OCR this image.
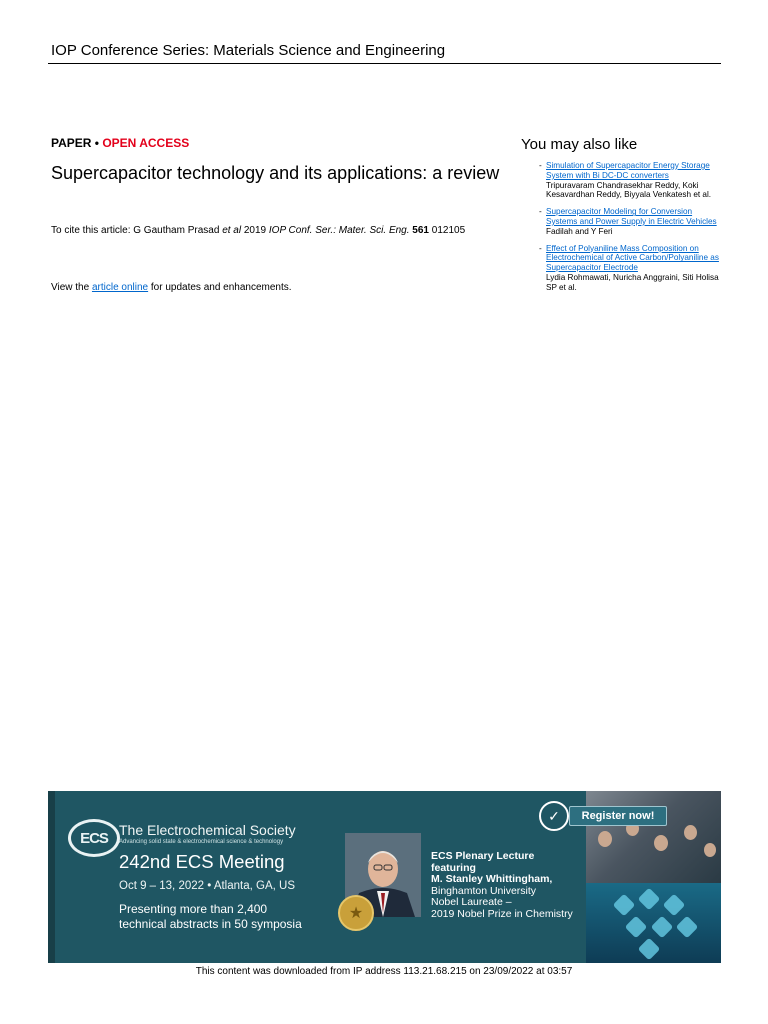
IOP Conference Series: Materials Science and Engineering
PAPER • OPEN ACCESS
Supercapacitor technology and its applications: a review
To cite this article: G Gautham Prasad et al 2019 IOP Conf. Ser.: Mater. Sci. Eng. 561 012105
View the article online for updates and enhancements.
You may also like
- Simulation of Supercapacitor Energy Storage System with Bi DC-DC converters
Tripuravaram Chandrasekhar Reddy, Koki Kesavardhan Reddy, Biyyala Venkatesh et al.
- Supercapacitor Modeling for Conversion Systems and Power Supply in Electric Vehicles
Fadilah and Y Feri
- Effect of Polyaniline Mass Composition on Electrochemical of Active Carbon/Polyaniline as Supercapacitor Electrode
Lydia Rohmawati, Nuricha Anggraini, Siti Holisa SP et al.
ECS The Electrochemical Society
Advancing solid state & electrochemical science & technology
242nd ECS Meeting
Oct 9 – 13, 2022 • Atlanta, GA, US
Presenting more than 2,400
technical abstracts in 50 symposia
★
ECS Plenary Lecture
featuring
M. Stanley Whittingham,
Binghamton University
Nobel Laureate –
2019 Nobel Prize in Chemistry
✓	Register now!
This content was downloaded from IP address 113.21.68.215 on 23/09/2022 at 03:57
